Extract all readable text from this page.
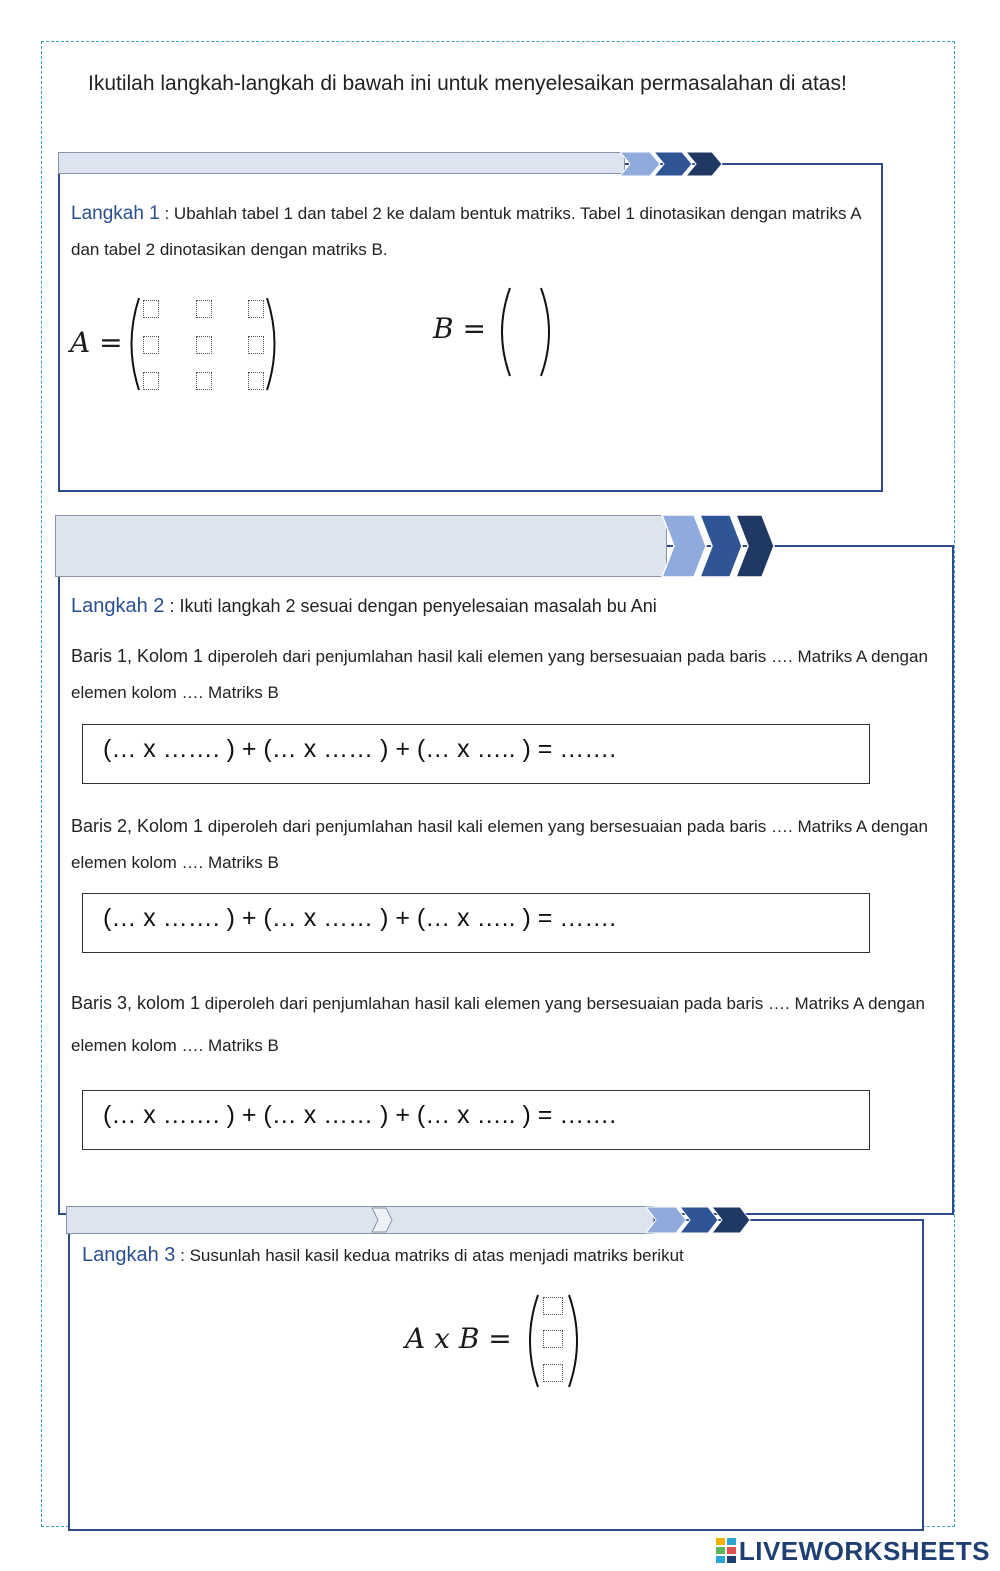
Ikutilah langkah-langkah di bawah ini untuk menyelesaikan permasalahan di atas!
Langkah 1 : Ubahlah tabel 1 dan tabel 2 ke dalam bentuk matriks. Tabel 1 dinotasikan dengan matriks A dan tabel 2 dinotasikan dengan matriks B.
A =	B =
Langkah 2 : Ikuti langkah 2 sesuai dengan penyelesaian masalah bu Ani
Baris 1, Kolom 1 diperoleh dari penjumlahan hasil kali elemen yang bersesuaian pada baris …. Matriks A dengan elemen kolom …. Matriks B
(… x ……. ) + (… x …… ) + (… x ….. ) = …….
Baris 2, Kolom 1 diperoleh dari penjumlahan hasil kali elemen yang bersesuaian pada baris …. Matriks A dengan elemen kolom …. Matriks B
(… x ……. ) + (… x …… ) + (… x ….. ) = …….
Baris 3, kolom 1 diperoleh dari penjumlahan hasil kali elemen yang bersesuaian pada baris …. Matriks A dengan elemen kolom …. Matriks B
(… x ……. ) + (… x …… ) + (… x ….. ) = …….
Langkah 3 : Susunlah hasil kasil kedua matriks di atas menjadi matriks berikut
A x B =
LIVEWORKSHEETS
